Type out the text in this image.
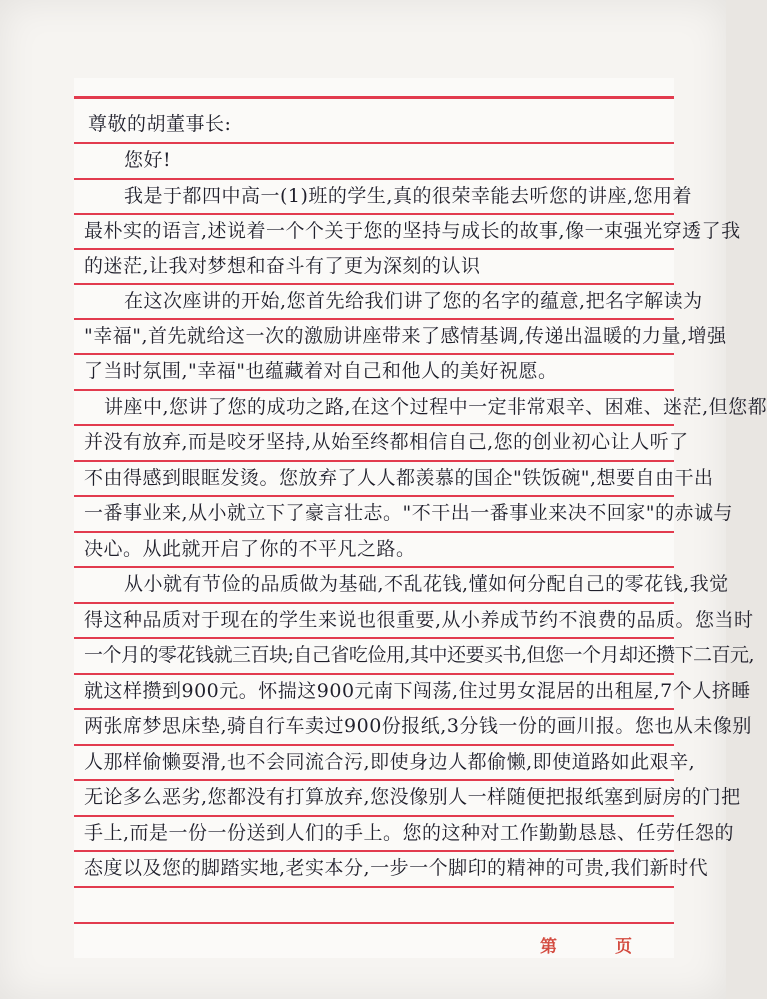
尊敬的胡董事长:
您好!
我是于都四中高一(1)班的学生,真的很荣幸能去听您的讲座,您用着
最朴实的语言,述说着一个个关于您的坚持与成长的故事,像一束强光穿透了我
的迷茫,让我对梦想和奋斗有了更为深刻的认识
在这次座讲的开始,您首先给我们讲了您的名字的蕴意,把名字解读为
"幸福",首先就给这一次的激励讲座带来了感情基调,传递出温暖的力量,增强
了当时氛围,"幸福"也蕴藏着对自己和他人的美好祝愿。
讲座中,您讲了您的成功之路,在这个过程中一定非常艰辛、困难、迷茫,但您都
并没有放弃,而是咬牙坚持,从始至终都相信自己,您的创业初心让人听了
不由得感到眼眶发烫。您放弃了人人都羡慕的国企"铁饭碗",想要自由干出
一番事业来,从小就立下了豪言壮志。"不干出一番事业来决不回家"的赤诚与
决心。从此就开启了你的不平凡之路。
从小就有节俭的品质做为基础,不乱花钱,懂如何分配自己的零花钱,我觉
得这种品质对于现在的学生来说也很重要,从小养成节约不浪费的品质。您当时
一个月的零花钱就三百块;自己省吃俭用,其中还要买书,但您一个月却还攒下二百元,
就这样攒到900元。怀揣这900元南下闯荡,住过男女混居的出租屋,7个人挤睡
两张席梦思床垫,骑自行车卖过900份报纸,3分钱一份的画川报。您也从未像别
人那样偷懒耍滑,也不会同流合污,即使身边人都偷懒,即使道路如此艰辛,
无论多么恶劣,您都没有打算放弃,您没像别人一样随便把报纸塞到厨房的门把
手上,而是一份一份送到人们的手上。您的这种对工作勤勤恳恳、任劳任怨的
态度以及您的脚踏实地,老实本分,一步一个脚印的精神的可贵,我们新时代
第	页
